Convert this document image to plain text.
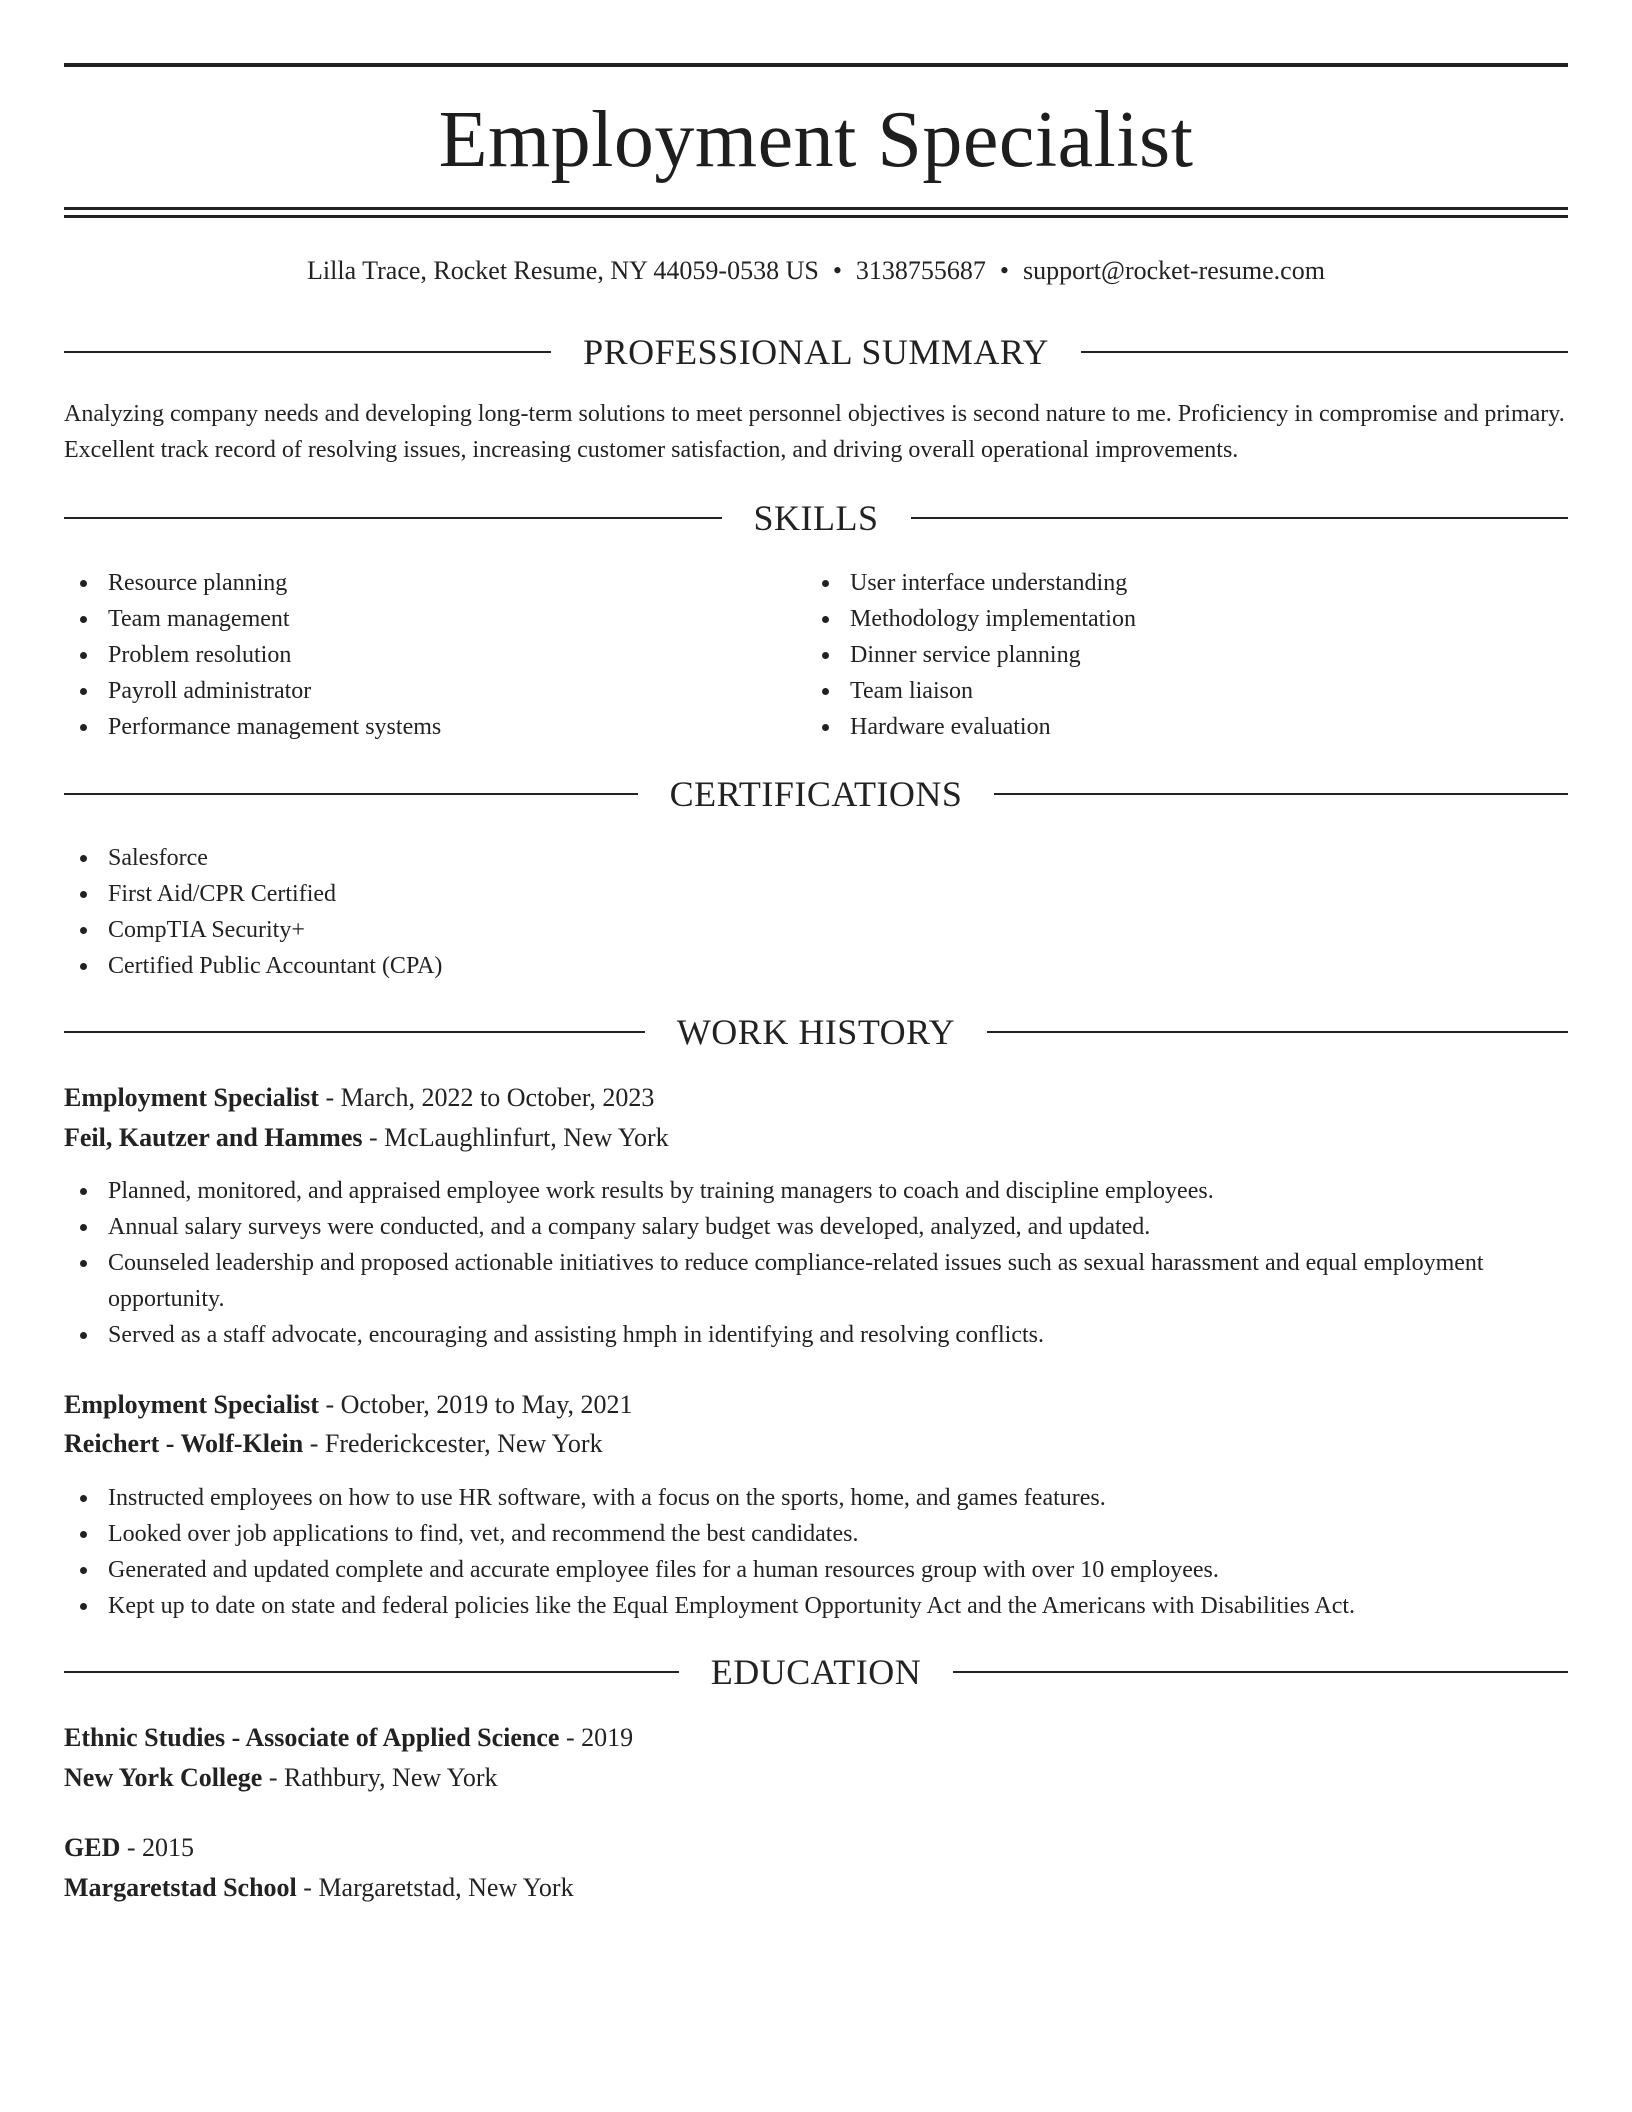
Employment Specialist
Lilla Trace, Rocket Resume, NY 44059-0538 US • 3138755687 • support@rocket-resume.com
PROFESSIONAL SUMMARY
Analyzing company needs and developing long-term solutions to meet personnel objectives is second nature to me. Proficiency in compromise and primary. Excellent track record of resolving issues, increasing customer satisfaction, and driving overall operational improvements.
SKILLS
Resource planning
Team management
Problem resolution
Payroll administrator
Performance management systems
User interface understanding
Methodology implementation
Dinner service planning
Team liaison
Hardware evaluation
CERTIFICATIONS
Salesforce
First Aid/CPR Certified
CompTIA Security+
Certified Public Accountant (CPA)
WORK HISTORY
Employment Specialist - March, 2022 to October, 2023
Feil, Kautzer and Hammes - McLaughlinfurt, New York
Planned, monitored, and appraised employee work results by training managers to coach and discipline employees.
Annual salary surveys were conducted, and a company salary budget was developed, analyzed, and updated.
Counseled leadership and proposed actionable initiatives to reduce compliance-related issues such as sexual harassment and equal employment opportunity.
Served as a staff advocate, encouraging and assisting hmph in identifying and resolving conflicts.
Employment Specialist - October, 2019 to May, 2021
Reichert - Wolf-Klein - Frederickcester, New York
Instructed employees on how to use HR software, with a focus on the sports, home, and games features.
Looked over job applications to find, vet, and recommend the best candidates.
Generated and updated complete and accurate employee files for a human resources group with over 10 employees.
Kept up to date on state and federal policies like the Equal Employment Opportunity Act and the Americans with Disabilities Act.
EDUCATION
Ethnic Studies - Associate of Applied Science - 2019
New York College - Rathbury, New York
GED - 2015
Margaretstad School - Margaretstad, New York
